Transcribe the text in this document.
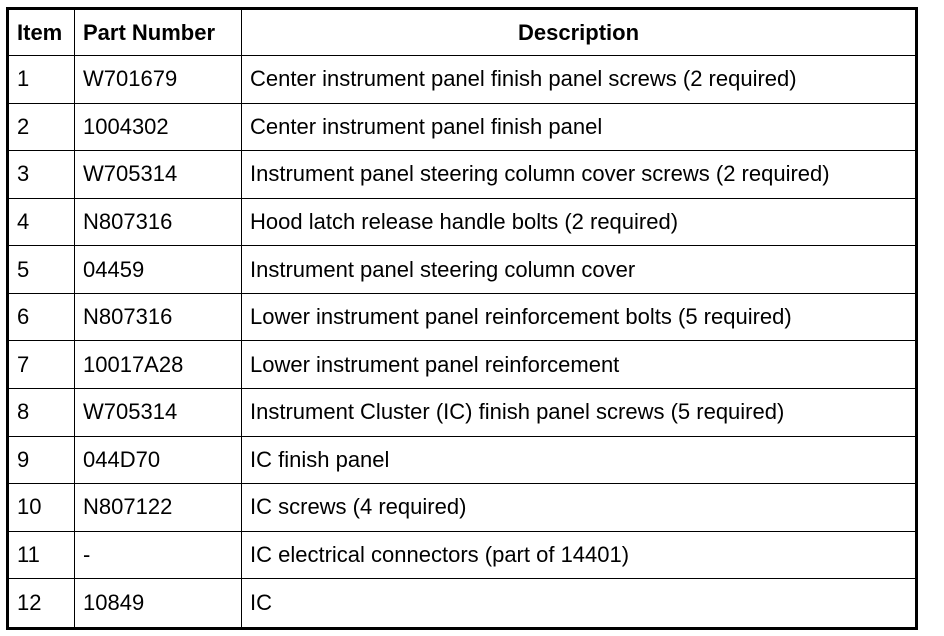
Item	Part Number	Description
1	W701679	Center instrument panel finish panel screws (2 required)
2	1004302	Center instrument panel finish panel
3	W705314	Instrument panel steering column cover screws (2 required)
4	N807316	Hood latch release handle bolts (2 required)
5	04459	Instrument panel steering column cover
6	N807316	Lower instrument panel reinforcement bolts (5 required)
7	10017A28	Lower instrument panel reinforcement
8	W705314	Instrument Cluster (IC) finish panel screws (5 required)
9	044D70	IC finish panel
10	N807122	IC screws (4 required)
11	-	IC electrical connectors (part of 14401)
12	10849	IC
